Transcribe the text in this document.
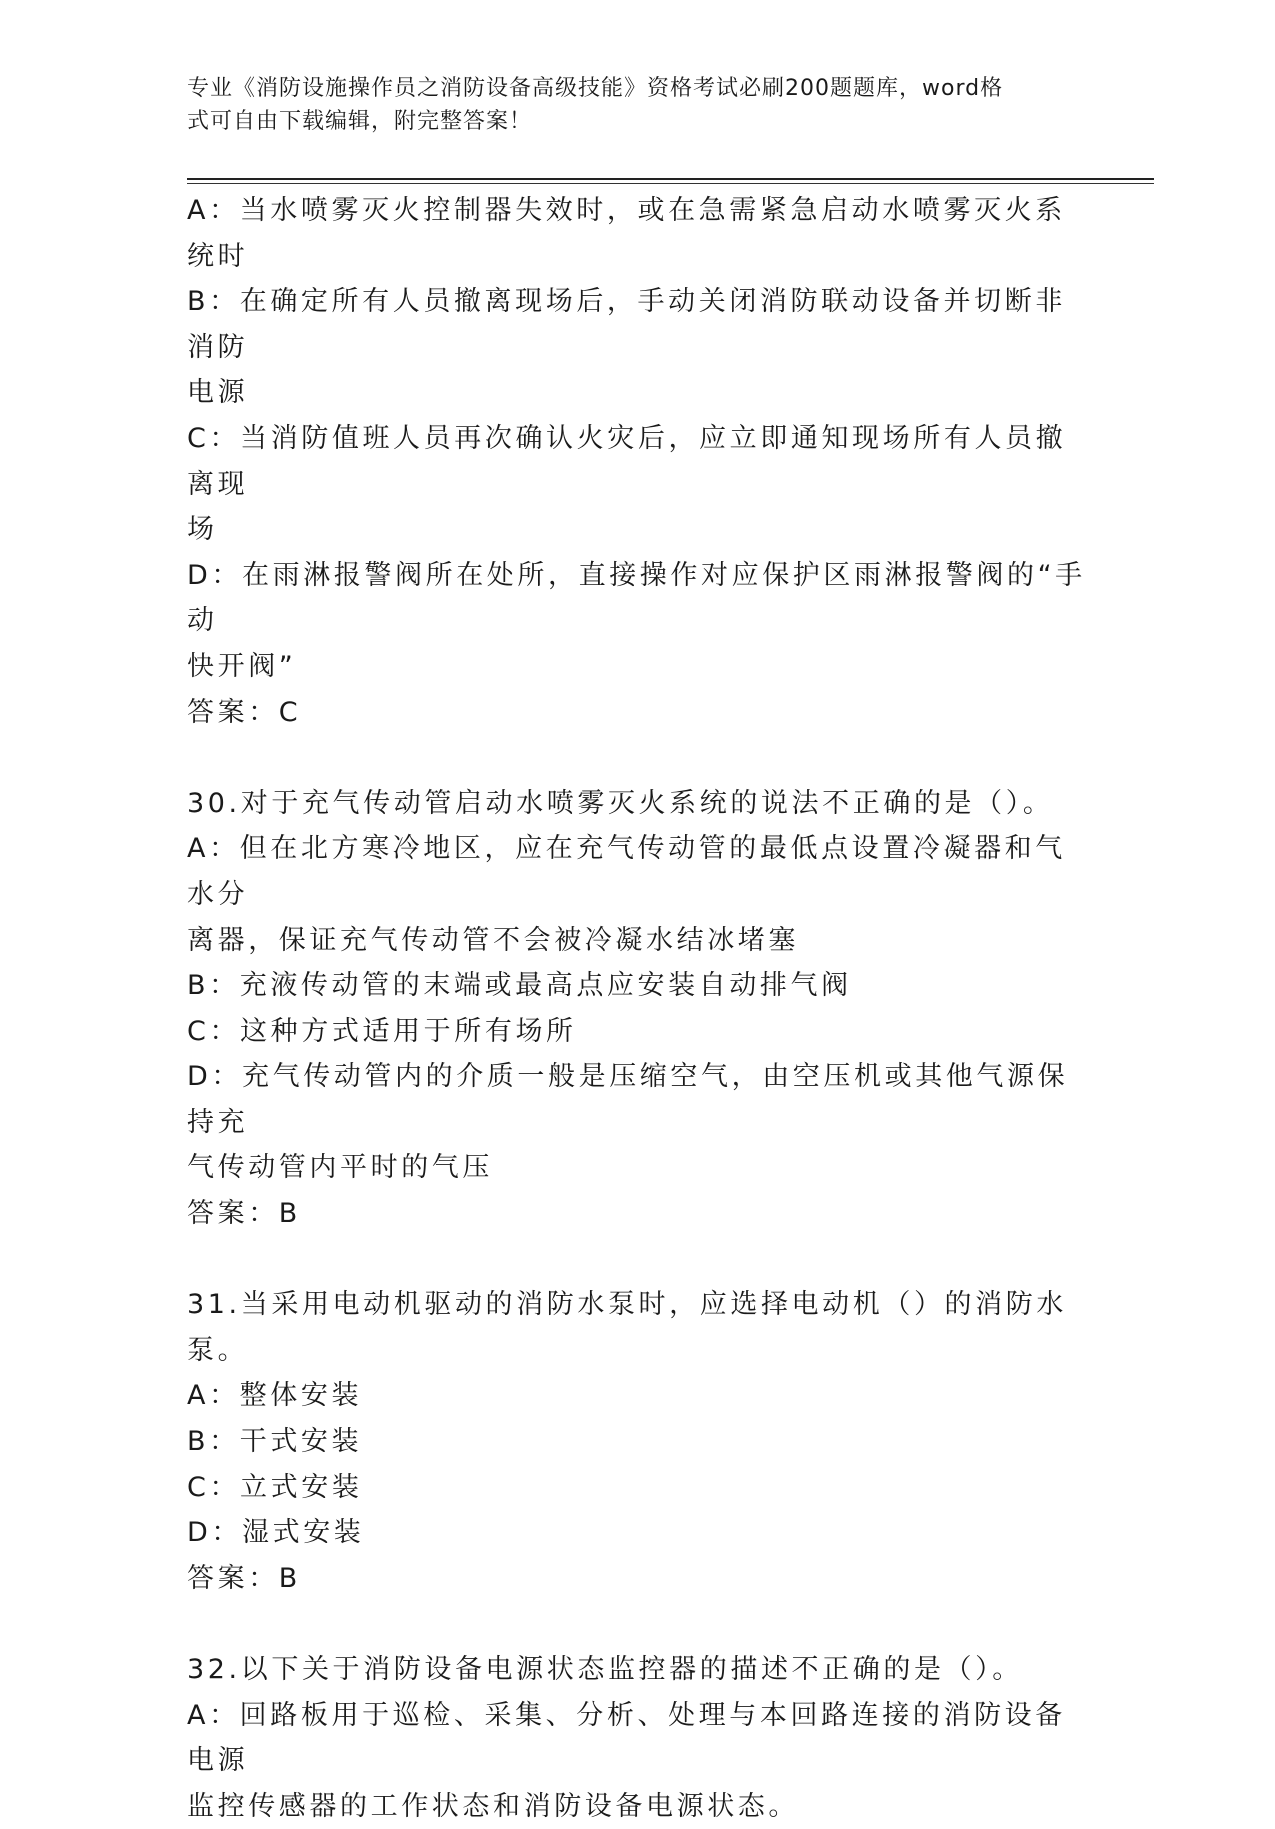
专业《消防设施操作员之消防设备高级技能》资格考试必刷200题题库，word格
式可自由下载编辑，附完整答案！
A：当水喷雾灭火控制器失效时，或在急需紧急启动水喷雾灭火系统时
B：在确定所有人员撤离现场后，手动关闭消防联动设备并切断非消防
电源
C：当消防值班人员再次确认火灾后，应立即通知现场所有人员撤离现
场
D：在雨淋报警阀所在处所，直接操作对应保护区雨淋报警阀的“手动
快开阀”
答案：C
30.对于充气传动管启动水喷雾灭火系统的说法不正确的是（）。
A：但在北方寒冷地区，应在充气传动管的最低点设置冷凝器和气水分
离器，保证充气传动管不会被冷凝水结冰堵塞
B：充液传动管的末端或最高点应安装自动排气阀
C：这种方式适用于所有场所
D：充气传动管内的介质一般是压缩空气，由空压机或其他气源保持充
气传动管内平时的气压
答案：B
31.当采用电动机驱动的消防水泵时，应选择电动机（）的消防水泵。
A：整体安装
B：干式安装
C：立式安装
D：湿式安装
答案：B
32.以下关于消防设备电源状态监控器的描述不正确的是（）。
A：回路板用于巡检、采集、分析、处理与本回路连接的消防设备电源
监控传感器的工作状态和消防设备电源状态。
